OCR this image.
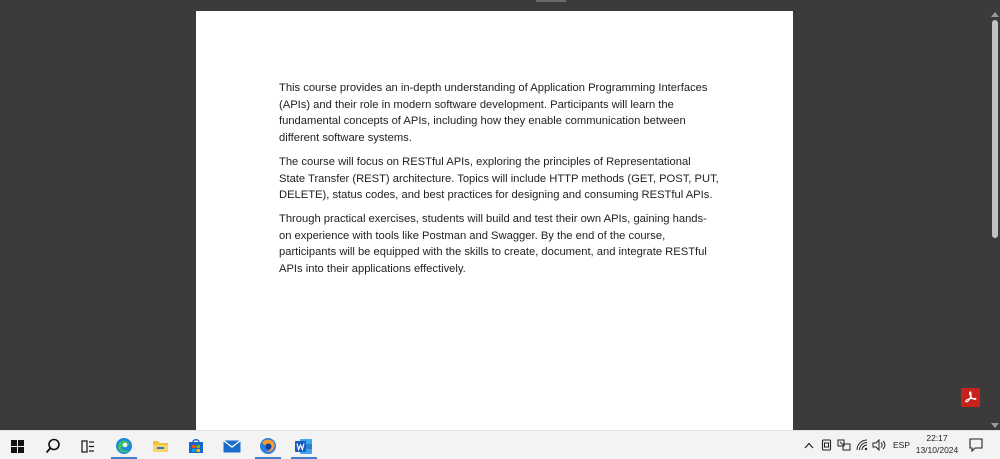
This course provides an in-depth understanding of Application Programming Interfaces (APIs) and their role in modern software development. Participants will learn the fundamental concepts of APIs, including how they enable communication between different software systems.

The course will focus on RESTful APIs, exploring the principles of Representational State Transfer (REST) architecture. Topics will include HTTP methods (GET, POST, PUT, DELETE), status codes, and best practices for designing and consuming RESTful APIs.

Through practical exercises, students will build and test their own APIs, gaining hands-on experience with tools like Postman and Swagger. By the end of the course, participants will be equipped with the skills to create, document, and integrate RESTful APIs into their applications effectively.

ESP
22:17
13/10/2024
